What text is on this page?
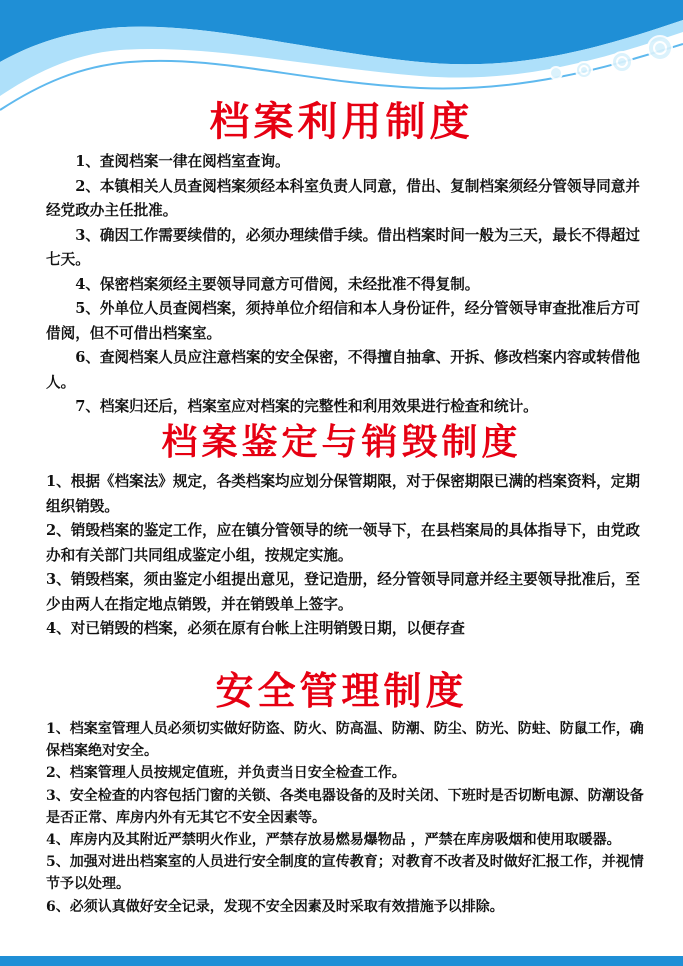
档案利用制度

1、查阅档案一律在阅档室查询。

2、本镇相关人员查阅档案须经本科室负责人同意，借出、复制档案须经分管领导同意并经党政办主任批准。

3、确因工作需要续借的，必须办理续借手续。借出档案时间一般为三天，最长不得超过七天。

4、保密档案须经主要领导同意方可借阅，未经批准不得复制。

5、外单位人员查阅档案，须持单位介绍信和本人身份证件，经分管领导审查批准后方可借阅，但不可借出档案室。

6、查阅档案人员应注意档案的安全保密，不得擅自抽拿、开拆、修改档案内容或转借他人。

7、档案归还后，档案室应对档案的完整性和利用效果进行检查和统计。

档案鉴定与销毁制度

1、根据《档案法》规定，各类档案均应划分保管期限，对于保密期限已满的档案资料，定期组织销毁。

2、销毁档案的鉴定工作，应在镇分管领导的统一领导下，在县档案局的具体指导下，由党政办和有关部门共同组成鉴定小组，按规定实施。

3、销毁档案，须由鉴定小组提出意见，登记造册，经分管领导同意并经主要领导批准后，至少由两人在指定地点销毁，并在销毁单上签字。

4、对已销毁的档案，必须在原有台帐上注明销毁日期，以便存查

安全管理制度

1、档案室管理人员必须切实做好防盗、防火、防高温、防潮、防尘、防光、防蛀、防鼠工作，确保档案绝对安全。

2、档案管理人员按规定值班，并负责当日安全检查工作。

3、安全检查的内容包括门窗的关锁、各类电器设备的及时关闭、下班时是否切断电源、防潮设备是否正常、库房内外有无其它不安全因素等。

4、库房内及其附近严禁明火作业，严禁存放易燃易爆物品 ，严禁在库房吸烟和使用取暖器。

5、加强对进出档案室的人员进行安全制度的宣传教育；对教育不改者及时做好汇报工作，并视情节予以处理。

6、必须认真做好安全记录，发现不安全因素及时采取有效措施予以排除。
